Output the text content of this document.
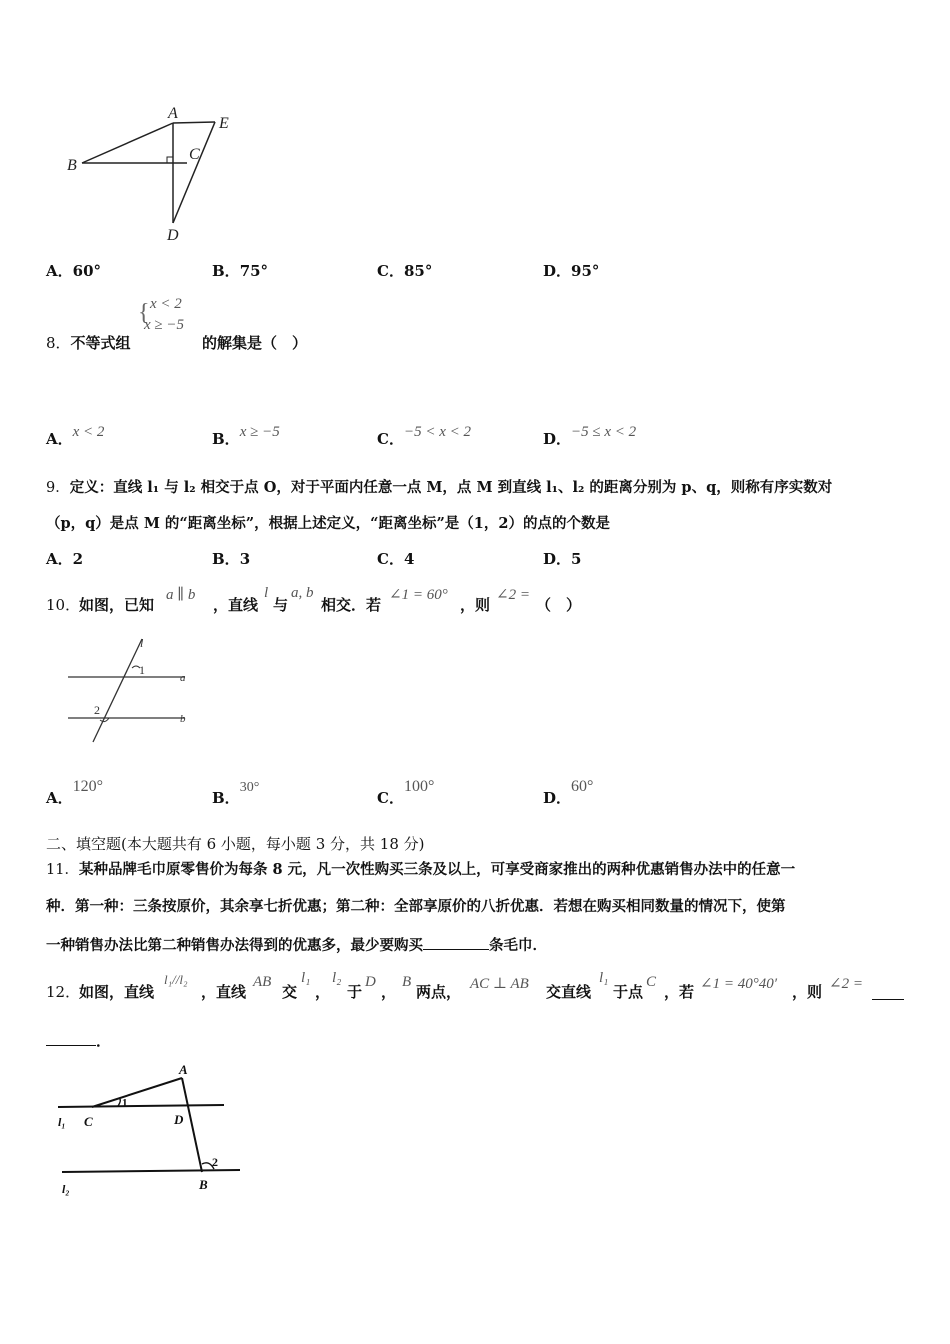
A
B
C
D
E
A．60°	B．75°	C．85°	D．95°
8．不等式组
{ x < 2
x ≥ −5
的解集是（　）
A．x < 2	B．x ≥ −5	C．−5 < x < 2	D．−5 ≤ x < 2
9．定义：直线 l₁ 与 l₂ 相交于点 O，对于平面内任意一点 M，点 M 到直线 l₁、l₂ 的距离分别为 p、q，则称有序实数对
（p，q）是点 M 的“距离坐标”，根据上述定义，“距离坐标”是（1，2）的点的个数是
A．2	B．3	C．4	D．5
10．
如图，已知
a ∥ b
，直线
l
与
a, b
相交．若
∠1 = 60°
，则
∠2 =
（　）
l
1
2
a
b
A．120°
B．30°
C．100°
D．60°
二、填空题(本大题共有 6 小题，每小题 3 分，共 18 分)
11．某种品牌毛巾原零售价为每条 8 元，凡一次性购买三条及以上，可享受商家推出的两种优惠销售办法中的任意一
种．第一种：三条按原价，其余享七折优惠；第二种：全部享原价的八折优惠．若想在购买相同数量的情况下，使第
一种销售办法比第二种销售办法得到的优惠多，最少要购买	条毛巾．
12．
如图，直线
l₁//l₂
，直线
AB
交
l₁
，
l₂
于
D
，
B
两点， AC ⊥ AB 交直线
l₁
于点
C
，若 ∠1 = 40°40′ ，则 ∠2 =
．
A
C	D
B
1
2
l₁
l₂
